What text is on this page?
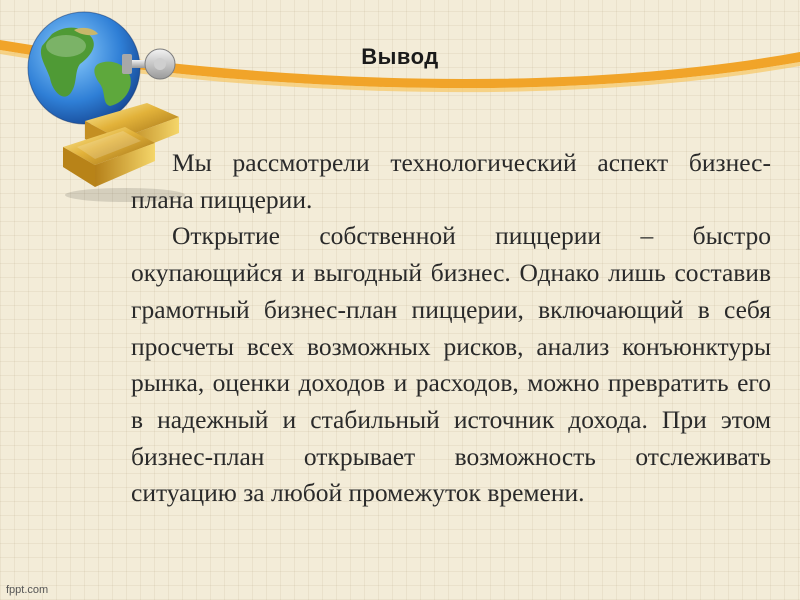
Вывод

Мы рассмотрели технологический аспект бизнес-плана пиццерии.

Открытие собственной пиццерии – быстро окупающийся и выгодный бизнес. Однако лишь составив грамотный бизнес-план пиццерии, включающий в себя просчеты всех возможных рисков, анализ конъюнктуры рынка, оценки доходов и расходов, можно превратить его в надежный и стабильный источник дохода. При этом бизнес-план открывает возможность отслеживать ситуацию за любой промежуток времени.

fppt.com
